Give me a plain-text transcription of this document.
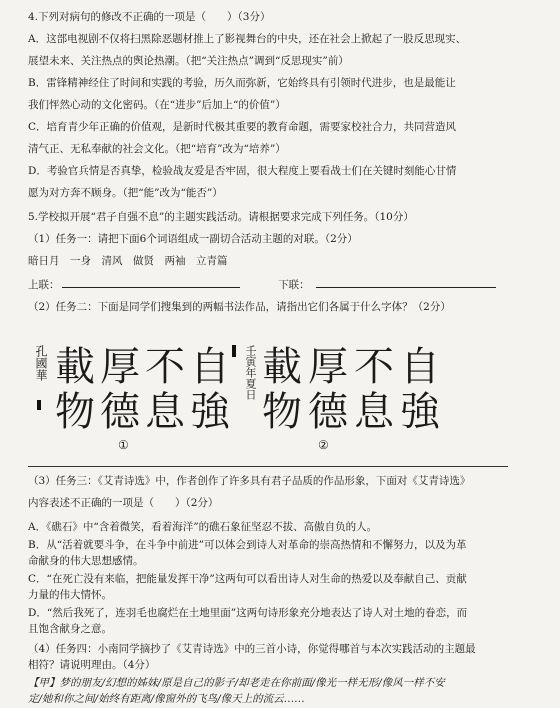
4.下列对病句的修改不正确的一项是（　　）（3分）
A．这部电视剧不仅将扫黑除恶题材推上了影视舞台的中央，还在社会上掀起了一股反思现实、
展望未来、关注热点的舆论热潮。（把“关注热点”调到“反思现实”前）
B．雷锋精神经住了时间和实践的考验，历久而弥新，它始终具有引领时代进步，也是最能让
我们怦然心动的文化密码。（在“进步”后加上“的价值”）
C．培育青少年正确的价值观，是新时代极其重要的教育命题，需要家校社合力，共同营造风
清气正、无私奉献的社会文化。（把“培育”改为“培养”）
D．考验官兵情是否真挚，检验战友爱是否牢固，很大程度上要看战士们在关键时刻能心甘情
愿为对方奔不顾身。（把“能”改为“能否”）
5.学校拟开展“君子自强不息”的主题实践活动。请根据要求完成下列任务。（10分）
（1）任务一：请把下面6个词语组成一副切合活动主题的对联。（2分）
暗日月　一身　清风　做贤　两袖　立青篇
上联：	下联：
（2）任务二：下面是同学们搜集到的两幅书法作品，请指出它们各属于什么字体？（2分）
孔國華 載 厚 不 自
物 德 息 強
①
壬寅年夏日 載 厚 不 自
物 德 息 強
②
（3）任务三：《艾青诗选》中，作者创作了许多具有君子品质的作品形象，下面对《艾青诗选》
内容表述不正确的一项是（　　）（2分）
A．《礁石》中“含着微笑，看着海洋”的礁石象征坚忍不拔、高傲自负的人。
B．从“活着就要斗争，在斗争中前进”可以体会到诗人对革命的崇高热情和不懈努力，以及为革
命献身的伟大思想感情。
C．“在死亡没有来临，把能量发挥干净”这两句可以看出诗人对生命的热爱以及奉献自己、贡献
力量的伟大情怀。
D．“然后我死了，连羽毛也腐烂在土地里面”这两句诗形象充分地表达了诗人对土地的眷恋，而
且饱含献身之意。
（4）任务四：小南同学摘抄了《艾青诗选》中的三首小诗，你觉得哪首与本次实践活动的主题最
相符？请说明理由。（4分）
【甲】梦的朋友/幻想的姊妹/原是自己的影子/却老走在你前面/像光一样无形/像风一样不安
定/她和你之间/始终有距离/像窗外的飞鸟/像天上的流云……
